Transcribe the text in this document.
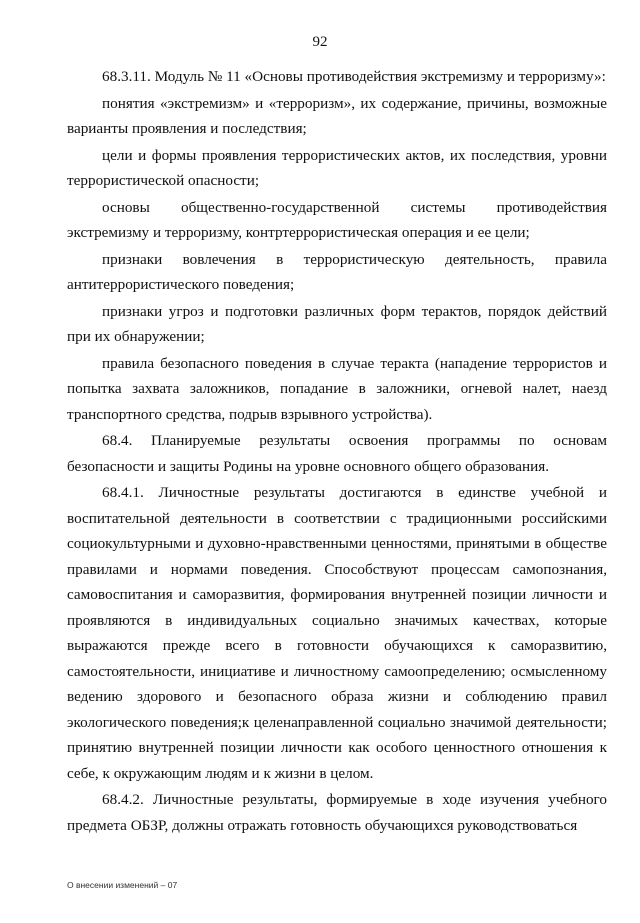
92

68.3.11. Модуль № 11 «Основы противодействия экстремизму и терроризму»:

понятия «экстремизм» и «терроризм», их содержание, причины, возможные варианты проявления и последствия;

цели и формы проявления террористических актов, их последствия, уровни террористической опасности;

основы общественно-государственной системы противодействия экстремизму и терроризму, контртеррористическая операция и ее цели;

признаки вовлечения в террористическую деятельность, правила антитеррористического поведения;

признаки угроз и подготовки различных форм терактов, порядок действий при их обнаружении;

правила безопасного поведения в случае теракта (нападение террористов и попытка захвата заложников, попадание в заложники, огневой налет, наезд транспортного средства, подрыв взрывного устройства).

68.4. Планируемые результаты освоения программы по основам безопасности и защиты Родины на уровне основного общего образования.

68.4.1. Личностные результаты достигаются в единстве учебной и воспитательной деятельности в соответствии с традиционными российскими социокультурными и духовно-нравственными ценностями, принятыми в обществе правилами и нормами поведения. Способствуют процессам самопознания, самовоспитания и саморазвития, формирования внутренней позиции личности и проявляются в индивидуальных социально значимых качествах, которые выражаются прежде всего в готовности обучающихся к саморазвитию, самостоятельности, инициативе и личностному самоопределению; осмысленному ведению здорового и безопасного образа жизни и соблюдению правил экологического поведения;к целенаправленной социально значимой деятельности; принятию внутренней позиции личности как особого ценностного отношения к себе, к окружающим людям и к жизни в целом.

68.4.2. Личностные результаты, формируемые в ходе изучения учебного предмета ОБЗР, должны отражать готовность обучающихся руководствоваться

О внесении изменений – 07
